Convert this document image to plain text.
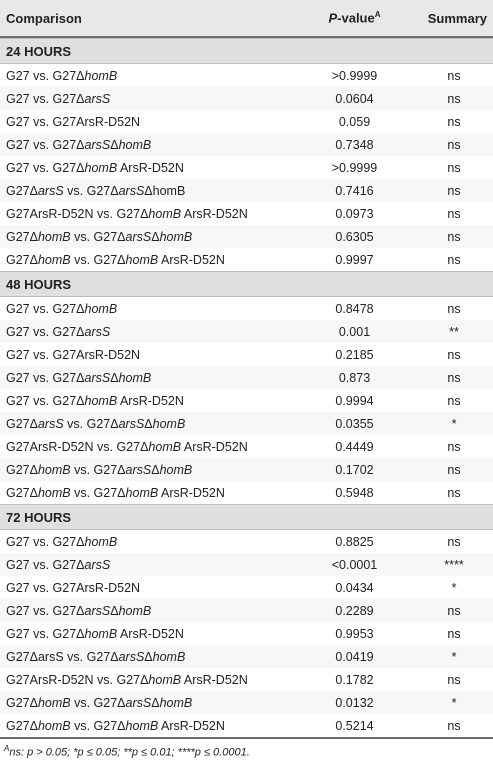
Comparison	P-value$^A$	Summary
24 HOURS
G27 vs. G27ΔhomB	>0.9999	ns
G27 vs. G27ΔarsS	0.0604	ns
G27 vs. G27ArsR-D52N	0.059	ns
G27 vs. G27ΔarsSΔhomB	0.7348	ns
G27 vs. G27ΔhomB ArsR-D52N	>0.9999	ns
G27ΔarsS vs. G27ΔarsSΔhomB	0.7416	ns
G27ArsR-D52N vs. G27ΔhomB ArsR-D52N	0.0973	ns
G27ΔhomB vs. G27ΔarsSΔhomB	0.6305	ns
G27ΔhomB vs. G27ΔhomB ArsR-D52N	0.9997	ns
48 HOURS
G27 vs. G27ΔhomB	0.8478	ns
G27 vs. G27ΔarsS	0.001	**
G27 vs. G27ArsR-D52N	0.2185	ns
G27 vs. G27ΔarsSΔhomB	0.873	ns
G27 vs. G27ΔhomB ArsR-D52N	0.9994	ns
G27ΔarsS vs. G27ΔarsSΔhomB	0.0355	*
G27ArsR-D52N vs. G27ΔhomB ArsR-D52N	0.4449	ns
G27ΔhomB vs. G27ΔarsSΔhomB	0.1702	ns
G27ΔhomB vs. G27ΔhomB ArsR-D52N	0.5948	ns
72 HOURS
G27 vs. G27ΔhomB	0.8825	ns
G27 vs. G27ΔarsS	<0.0001	****
G27 vs. G27ArsR-D52N	0.0434	*
G27 vs. G27ΔarsSΔhomB	0.2289	ns
G27 vs. G27ΔhomB ArsR-D52N	0.9953	ns
G27ΔarsS vs. G27ΔarsSΔhomB	0.0419	*
G27ArsR-D52N vs. G27ΔhomB ArsR-D52N	0.1782	ns
G27ΔhomB vs. G27ΔarsSΔhomB	0.0132	*
G27ΔhomB vs. G27ΔhomB ArsR-D52N	0.5214	ns
$^A$ns: p > 0.05; *p ≤ 0.05; **p ≤ 0.01; ****p ≤ 0.0001.
